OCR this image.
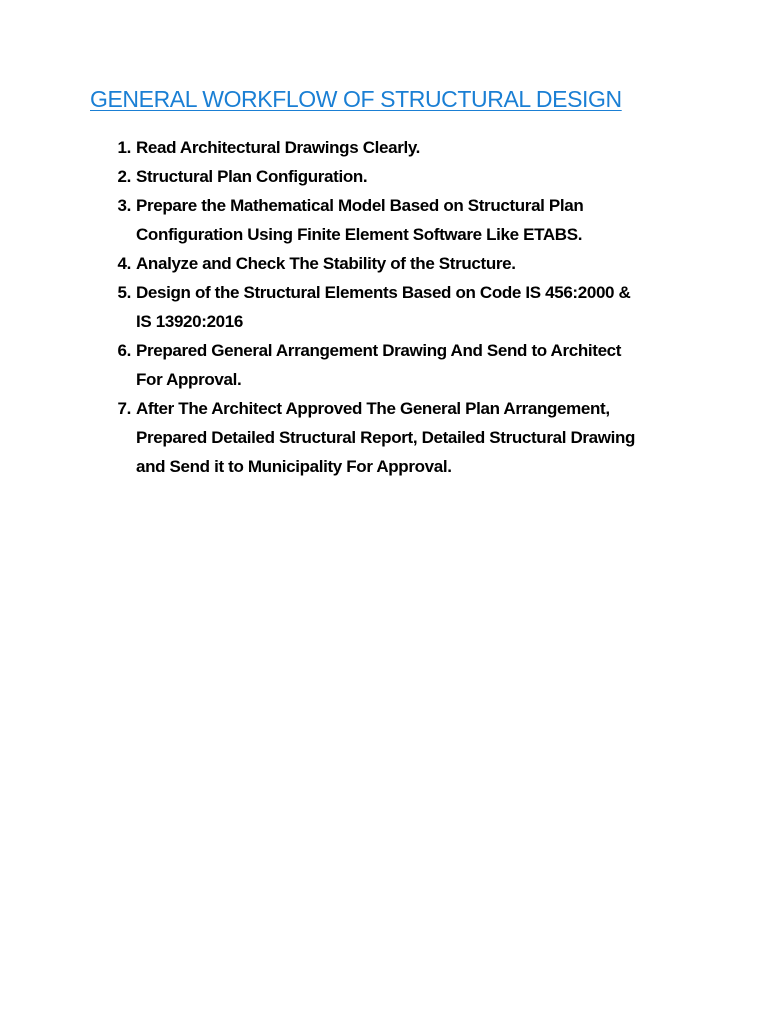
GENERAL WORKFLOW OF STRUCTURAL DESIGN
1. Read Architectural Drawings Clearly.
2. Structural Plan Configuration.
3. Prepare the Mathematical Model Based on Structural Plan
Configuration Using Finite Element Software Like ETABS.
4. Analyze and Check The Stability of the Structure.
5. Design of the Structural Elements Based on Code IS 456:2000 &
IS 13920:2016
6. Prepared General Arrangement Drawing And Send to Architect
For Approval.
7. After The Architect Approved The General Plan Arrangement,
Prepared Detailed Structural Report, Detailed Structural Drawing
and Send it to Municipality For Approval.
